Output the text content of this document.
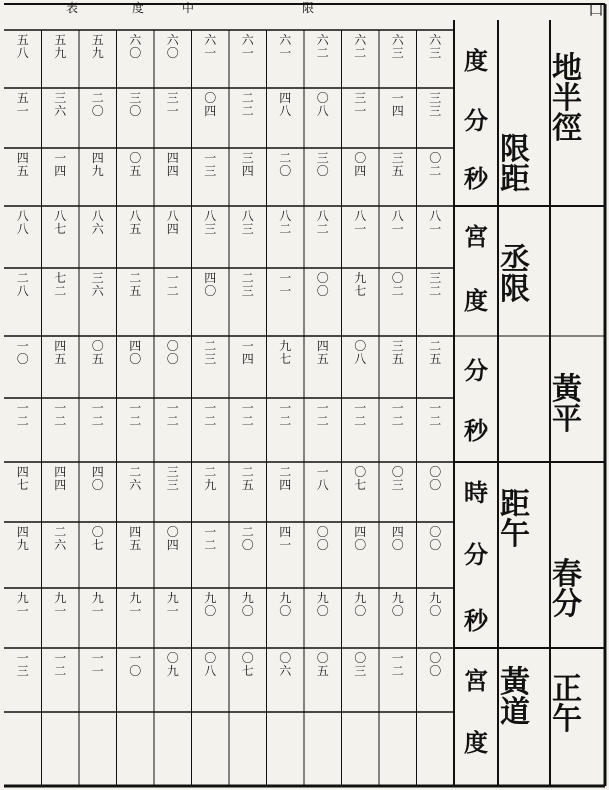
地半徑
限距
丞限
黃平
距午
春分
黃道
正午
度
分
秒
宮
度
分
秒
時
分
秒
宮
度
口
限
度	中
表
六
三
六
三
六
二
六
二
六
一
六
一
六
一
六
〇
六
〇
五
九
五
九
五
八
三
三
一
四
三
一
〇
八
四
八
二
二
〇
四
三
一
三
〇
二
〇
三
六
五
一
〇
二
三
五
〇
四
三
〇
二
〇
三
四
一
三
四
四
〇
五
四
九
一
四
四
五
八
一
八
一
八
一
八
二
八
二
八
三
八
三
八
四
八
五
八
六
八
七
八
八
三
二
〇
二
九
七
〇
〇
一
一
二
三
四
〇
一
二
二
五
三
六
七
二
二
八
二
五
三
五
〇
八
四
五
九
七
一
四
二
三
〇
〇
四
〇
〇
五
四
五
一
〇
一
二
一
二
一
二
一
二
一
二
一
二
一
二
一
二
一
二
一
二
一
二
一
二
〇
〇
〇
三
〇
七
一
八
二
四
二
五
二
九
三
三
二
六
四
〇
四
四
四
七
〇
〇
四
〇
四
〇
〇
〇
四
一
二
〇
一
二
〇
四
四
五
〇
七
二
六
四
九
九
〇
九
〇
九
〇
九
〇
九
〇
九
〇
九
〇
九
一
九
一
九
一
九
一
九
一
〇
〇
一
二
〇
三
〇
五
〇
六
〇
七
〇
八
〇
九
一
〇
一
一
一
二
一
三
